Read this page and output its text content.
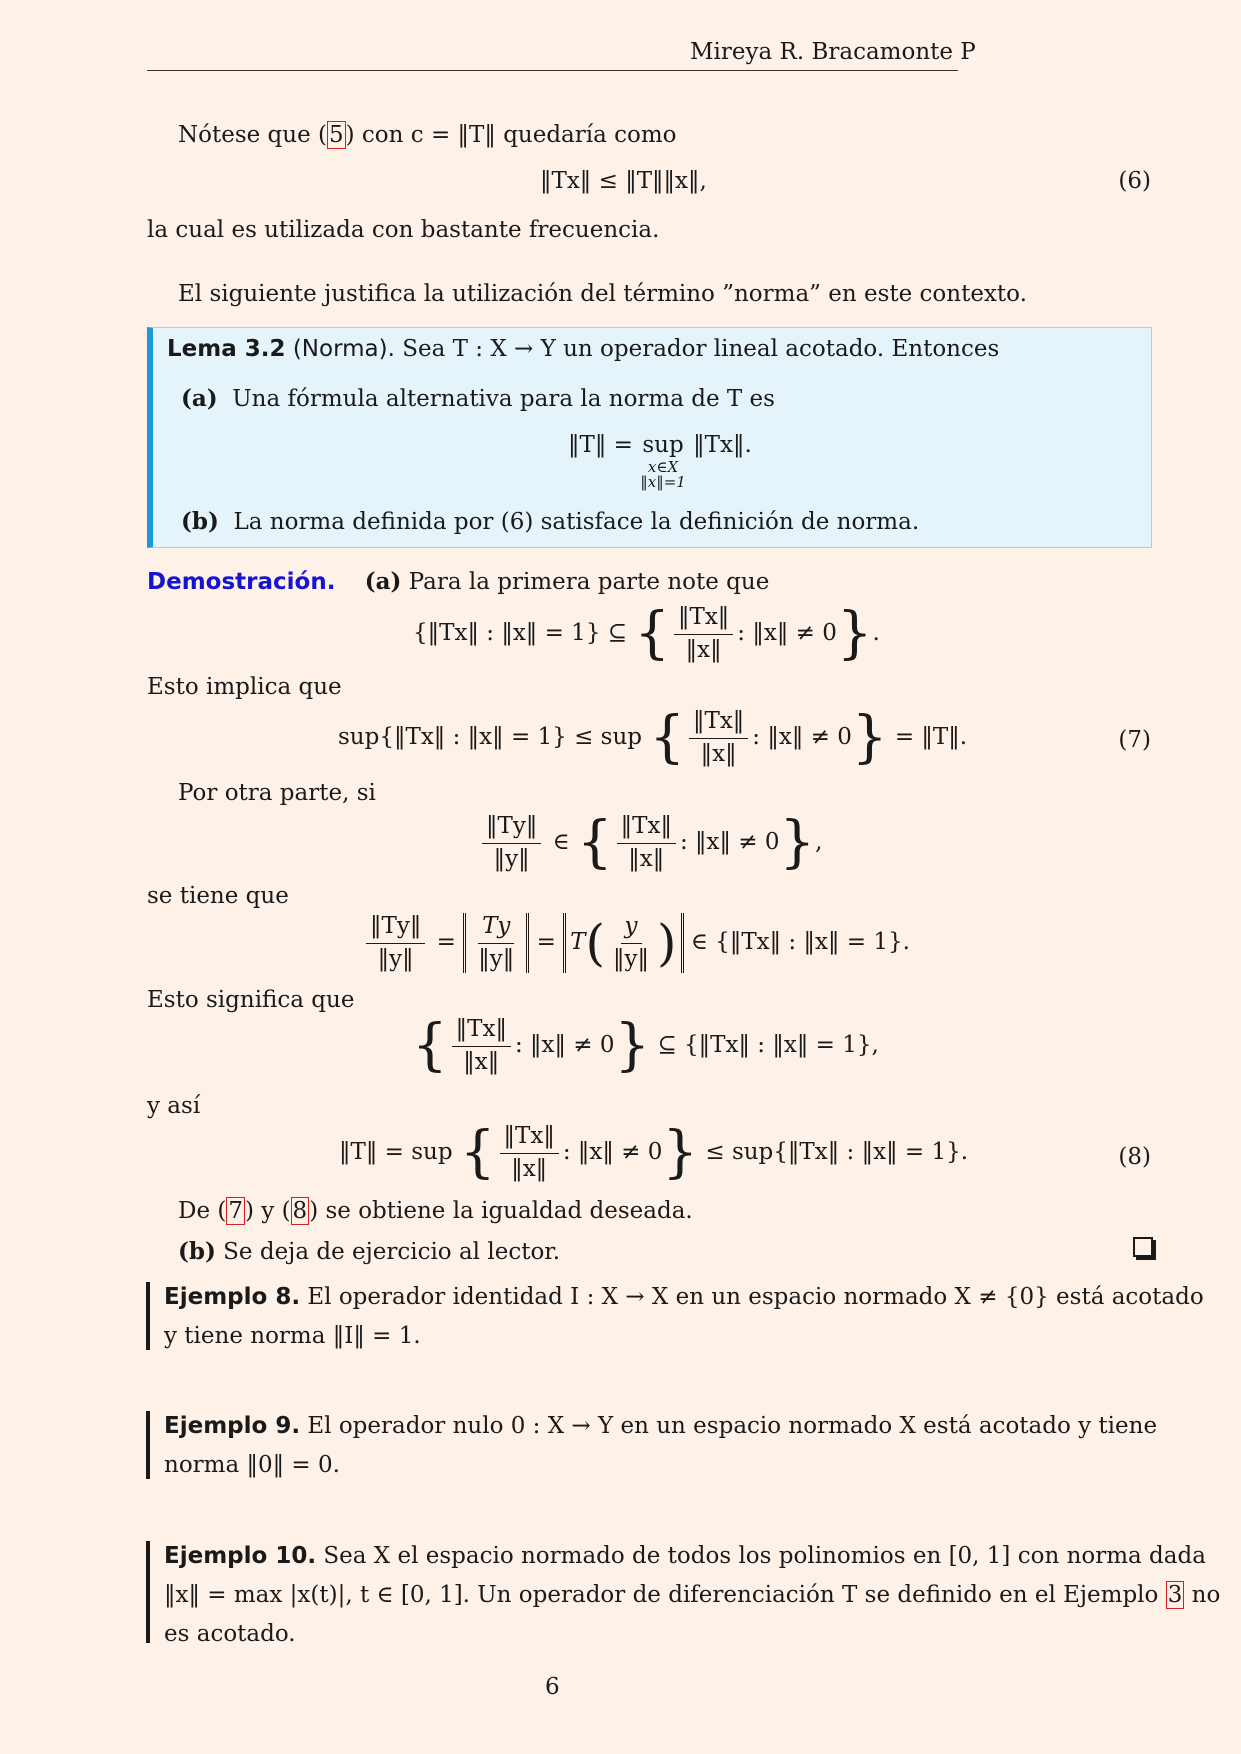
Mireya R. Bracamonte P
Nótese que (5) con c = ‖T‖ quedaría como
‖Tx‖ ≤ ‖T‖‖x‖,	(6)
la cual es utilizada con bastante frecuencia.
El siguiente justifica la utilización del término ”norma” en este contexto.
Lema 3.2 (Norma). Sea T : X → Y un operador lineal acotado. Entonces
(a) Una fórmula alternativa para la norma de T es
‖T‖ = sup
x∈X
‖x‖=1
‖Tx‖.
(b) La norma definida por (6) satisface la definición de norma.
Demostración. (a) Para la primera parte note que
{‖Tx‖ : ‖x‖ = 1} ⊆ { $\frac{‖Tx‖}{‖x‖}$ : ‖x‖ ≠ 0}.
Esto implica que
sup{‖Tx‖ : ‖x‖ = 1} ≤ sup { $\frac{‖Tx‖}{‖x‖}$ : ‖x‖ ≠ 0} = ‖T‖.	(7)
Por otra parte, si
$\frac{‖Ty‖}{‖y‖}$ ∈ { $\frac{‖Tx‖}{‖x‖}$ : ‖x‖ ≠ 0},
se tiene que
$\frac{‖Ty‖}{‖y‖} = \frac{Ty}{‖y‖} = T( \frac{y}{‖y‖}$ ) ∈ {‖Tx‖ : ‖x‖ = 1}.
Esto significa que
{ $\frac{‖Tx‖}{‖x‖}$ : ‖x‖ ≠ 0} ⊆ {‖Tx‖ : ‖x‖ = 1},
y así
‖T‖ = sup { $\frac{‖Tx‖}{‖x‖}$ : ‖x‖ ≠ 0} ≤ sup{‖Tx‖ : ‖x‖ = 1}.	(8)
De (7) y (8) se obtiene la igualdad deseada.
(b) Se deja de ejercicio al lector.
Ejemplo 8. El operador identidad I : X → X en un espacio normado X ≠ {0} está acotado
y tiene norma ‖I‖ = 1.
Ejemplo 9. El operador nulo 0 : X → Y en un espacio normado X está acotado y tiene
norma ‖0‖ = 0.
Ejemplo 10. Sea X el espacio normado de todos los polinomios en [0, 1] con norma dada
‖x‖ = max |x(t)|, t ∈ [0, 1]. Un operador de diferenciación T se definido en el Ejemplo 3 no
es acotado.
6
